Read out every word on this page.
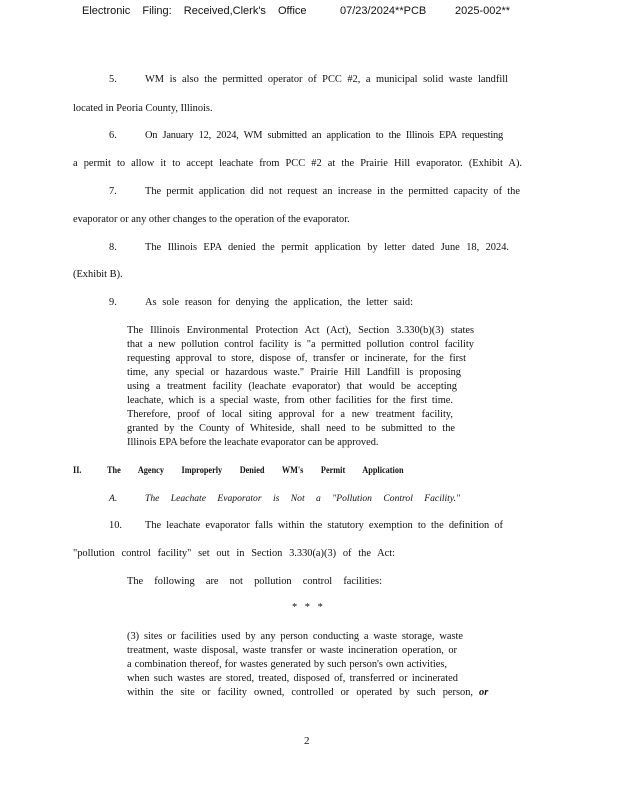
Electronic Filing: Received,Clerk's Office	07/23/2024**PCB	2025-002**
5.	WM is also the permitted operator of PCC #2, a municipal solid waste landfill
located in Peoria County, Illinois.
6.	On January 12, 2024, WM submitted an application to the Illinois EPA requesting
a permit to allow it to accept leachate from PCC #2 at the Prairie Hill evaporator. (Exhibit A).
7.	The permit application did not request an increase in the permitted capacity of the
evaporator or any other changes to the operation of the evaporator.
8.	The Illinois EPA denied the permit application by letter dated June 18, 2024.
(Exhibit B).
9.	As sole reason for denying the application, the letter said:
The Illinois Environmental Protection Act (Act), Section 3.330(b)(3) states
that a new pollution control facility is "a permitted pollution control facility
requesting approval to store, dispose of, transfer or incinerate, for the first
time, any special or hazardous waste." Prairie Hill Landfill is proposing
using a treatment facility (leachate evaporator) that would be accepting
leachate, which is a special waste, from other facilities for the first time.
Therefore, proof of local siting approval for a new treatment facility,
granted by the County of Whiteside, shall need to be submitted to the
Illinois EPA before the leachate evaporator can be approved.
II.	The Agency Improperly Denied WM's Permit Application
A.	The Leachate Evaporator is Not a "Pollution Control Facility."
10. The leachate evaporator falls within the statutory exemption to the definition of
"pollution control facility" set out in Section 3.330(a)(3) of the Act:
The following are not pollution control facilities:
* * *
(3) sites or facilities used by any person conducting a waste storage, waste
treatment, waste disposal, waste transfer or waste incineration operation, or
a combination thereof, for wastes generated by such person's own activities,
when such wastes are stored, treated, disposed of, transferred or incinerated
within the site or facility owned, controlled or operated by such person, or
2
